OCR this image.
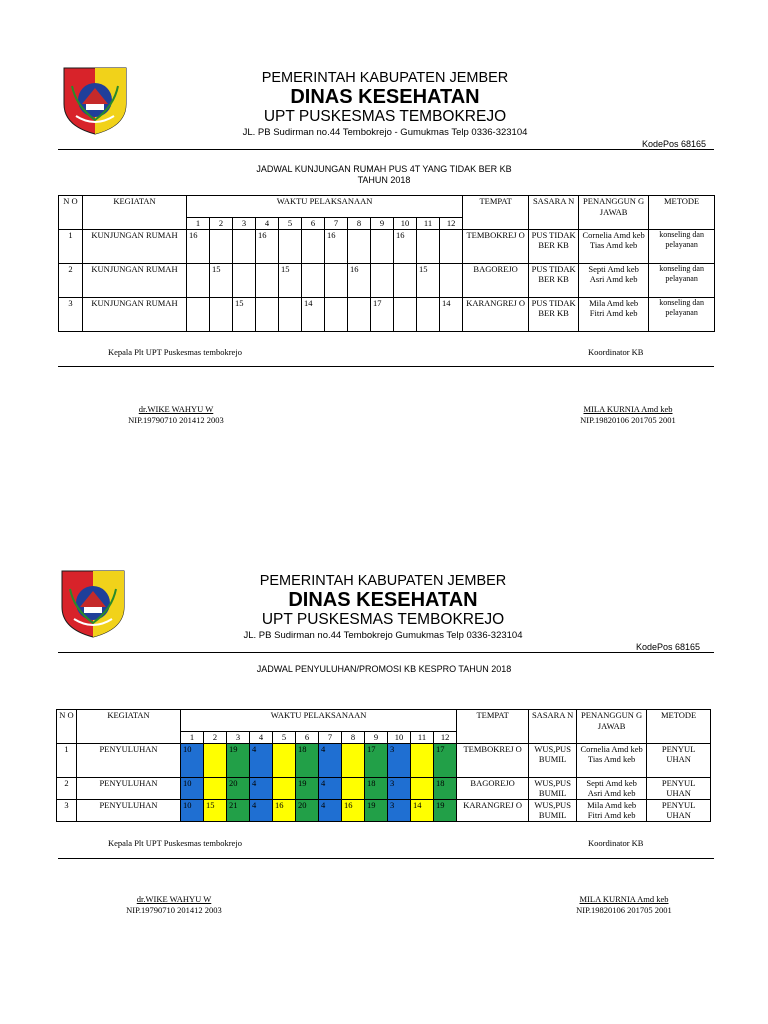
PEMERINTAH KABUPATEN JEMBER
DINAS KESEHATAN
UPT PUSKESMAS TEMBOKREJO
JL. PB Sudirman no.44 Tembokrejo - Gumukmas Telp 0336-323104
KodePos 68165
JADWAL KUNJUNGAN RUMAH PUS 4T YANG TIDAK BER KB
TAHUN 2018
N O	KEGIATAN	WAKTU PELAKSANAAN												TEMPAT	SASARA N	PENANGGUN G JAWAB	METODE
		1	2	3	4	5	6	7	8	9	10	11	12				
1	KUNJUNGAN RUMAH	16			16			16			16			TEMBOKREJ O	PUS TIDAK BER KB	Cornelia Amd keb Tias Amd keb	konseling dan pelayanan
2	KUNJUNGAN RUMAH		15			15			16			15		BAGOREJO	PUS TIDAK BER KB	Septi Amd keb Asri Amd keb	konseling dan pelayanan
3	KUNJUNGAN RUMAH			15			14			17			14	KARANGREJ O	PUS TIDAK BER KB	Mila Amd keb Fitri Amd keb	konseling dan pelayanan
Kepala Plt UPT Puskesmas tembokrejo	Koordinator KB
dr.WIKE WAHYU W
NIP.19790710 201412 2003
MILA KURNIA Amd keb
NIP.19820106 201705 2001
PEMERINTAH KABUPATEN JEMBER
DINAS KESEHATAN
UPT PUSKESMAS TEMBOKREJO
JL. PB Sudirman no.44 Tembokrejo Gumukmas Telp 0336-323104
KodePos 68165
JADWAL PENYULUHAN/PROMOSI KB KESPRO TAHUN 2018
N O	KEGIATAN	WAKTU PELAKSANAAN												TEMPAT	SASARA N	PENANGGUN G JAWAB	METODE
		1	2	3	4	5	6	7	8	9	10	11	12				
1	PENYULUHAN	10		19	4		18	4		17	3		17	TEMBOKREJ O	WUS,PUS BUMIL	Cornelia Amd keb Tias Amd keb	PENYUL UHAN
2	PENYULUHAN	10		20	4		19	4		18	3		18	BAGOREJO	WUS,PUS BUMIL	Septi Amd keb Asri Amd keb	PENYUL UHAN
3	PENYULUHAN	10	15	21	4	16	20	4	16	19	3	14	19	KARANGREJ O	WUS,PUS BUMIL	Mila Amd keb Fitri Amd keb	PENYUL UHAN
Kepala Plt UPT Puskesmas tembokrejo	Koordinator KB
dr.WIKE WAHYU W
NIP.19790710 201412 2003
MILA KURNIA Amd keb
NIP.19820106 201705 2001
